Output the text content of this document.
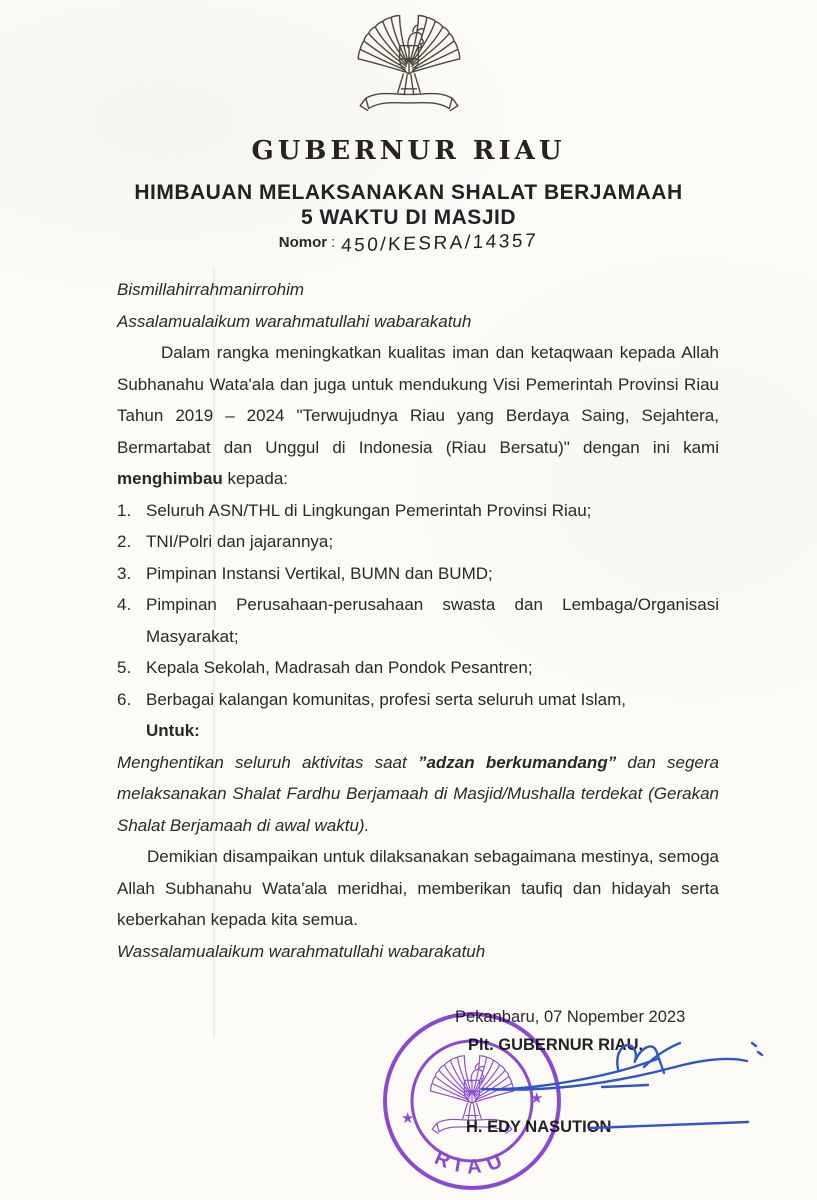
GUBERNUR RIAU
HIMBAUAN MELAKSANAKAN SHALAT BERJAMAAH
5 WAKTU DI MASJID
Nomor : 450/KESRA/14357

Bismillahirrahmanirrohim

Assalamualaikum warahmatullahi wabarakatuh

Dalam rangka meningkatkan kualitas iman dan ketaqwaan kepada Allah Subhanahu Wata'ala dan juga untuk mendukung Visi Pemerintah Provinsi Riau Tahun 2019 – 2024 "Terwujudnya Riau yang Berdaya Saing, Sejahtera, Bermartabat dan Unggul di Indonesia (Riau Bersatu)" dengan ini kami menghimbau kepada:

1. Seluruh ASN/THL di Lingkungan Pemerintah Provinsi Riau;
2. TNI/Polri dan jajarannya;
3. Pimpinan Instansi Vertikal, BUMN dan BUMD;
4. Pimpinan Perusahaan-perusahaan swasta dan Lembaga/Organisasi Masyarakat;
5. Kepala Sekolah, Madrasah dan Pondok Pesantren;
6. Berbagai kalangan komunitas, profesi serta seluruh umat Islam,

Untuk:

Menghentikan seluruh aktivitas saat ”adzan berkumandang” dan segera melaksanakan Shalat Fardhu Berjamaah di Masjid/Mushalla terdekat (Gerakan Shalat Berjamaah di awal waktu).

Demikian disampaikan untuk dilaksanakan sebagaimana mestinya, semoga Allah Subhanahu Wata'ala meridhai, memberikan taufiq dan hidayah serta keberkahan kepada kita semua.

Wassalamualaikum warahmatullahi wabarakatuh

Pekanbaru, 07 Nopember 2023
Plt. GUBERNUR RIAU,
H. EDY NASUTION
RIAU
★
★
